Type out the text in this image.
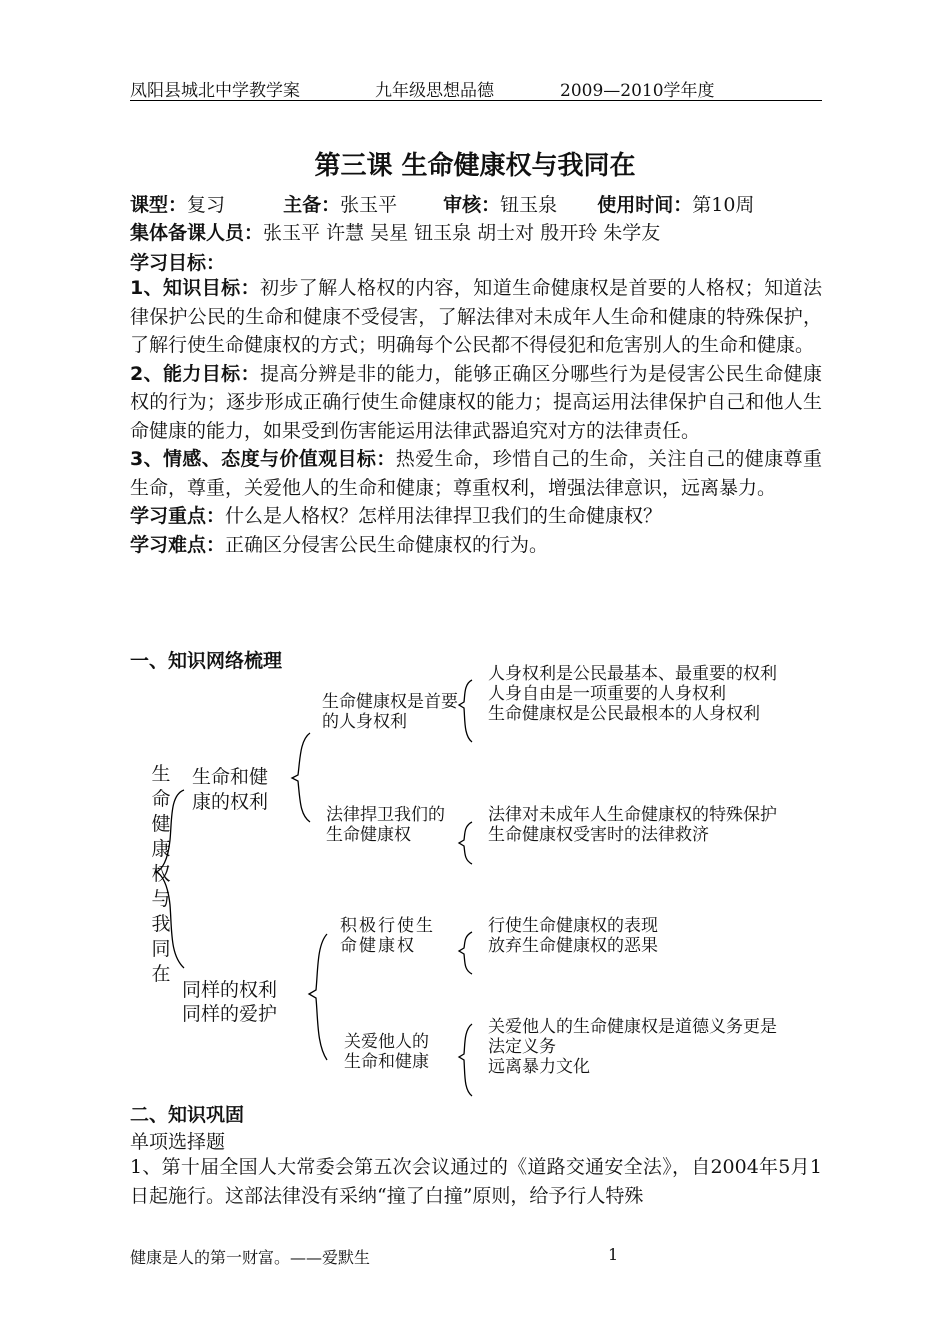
凤阳县城北中学教学案	九年级思想品德	2009—2010学年度
第三课 生命健康权与我同在
课型：复习	主备：张玉平 审核：钮玉泉 使用时间：第10周
集体备课人员：张玉平 许慧 吴星 钮玉泉 胡士对 殷开玲 朱学友
学习目标：

1、知识目标：初步了解人格权的内容，知道生命健康权是首要的人格权；知道法律保护公民的生命和健康不受侵害，了解法律对未成年人生命和健康的特殊保护，了解行使生命健康权的方式；明确每个公民都不得侵犯和危害别人的生命和健康。

2、能力目标：提高分辨是非的能力，能够正确区分哪些行为是侵害公民生命健康权的行为；逐步形成正确行使生命健康权的能力；提高运用法律保护自己和他人生命健康的能力，如果受到伤害能运用法律武器追究对方的法律责任。

3、情感、态度与价值观目标：热爱生命，珍惜自己的生命，关注自己的健康尊重生命，尊重，关爱他人的生命和健康；尊重权利，增强法律意识，远离暴力。

学习重点：什么是人格权？怎样用法律捍卫我们的生命健康权？

学习难点：正确区分侵害公民生命健康权的行为。

一、知识网络梳理
生命健康权与我同在
生命和健康的权利
生命健康权是首要的人身权利
人身权利是公民最基本、最重要的权利
人身自由是一项重要的人身权利
生命健康权是公民最根本的人身权利
法律捍卫我们的生命健康权
法律对未成年人生命健康权的特殊保护
生命健康权受害时的法律救济
同样的权利
同样的爱护
积极行使生命健康权
行使生命健康权的表现
放弃生命健康权的恶果
关爱他人的生命和健康
关爱他人的生命健康权是道德义务更是法定义务
远离暴力文化
二、知识巩固
单项选择题
1、第十届全国人大常委会第五次会议通过的《道路交通安全法》，自2004年5月1日起施行。这部法律没有采纳“撞了白撞”原则，给予行人特殊
健康是人的第一财富。——爱默生	1
